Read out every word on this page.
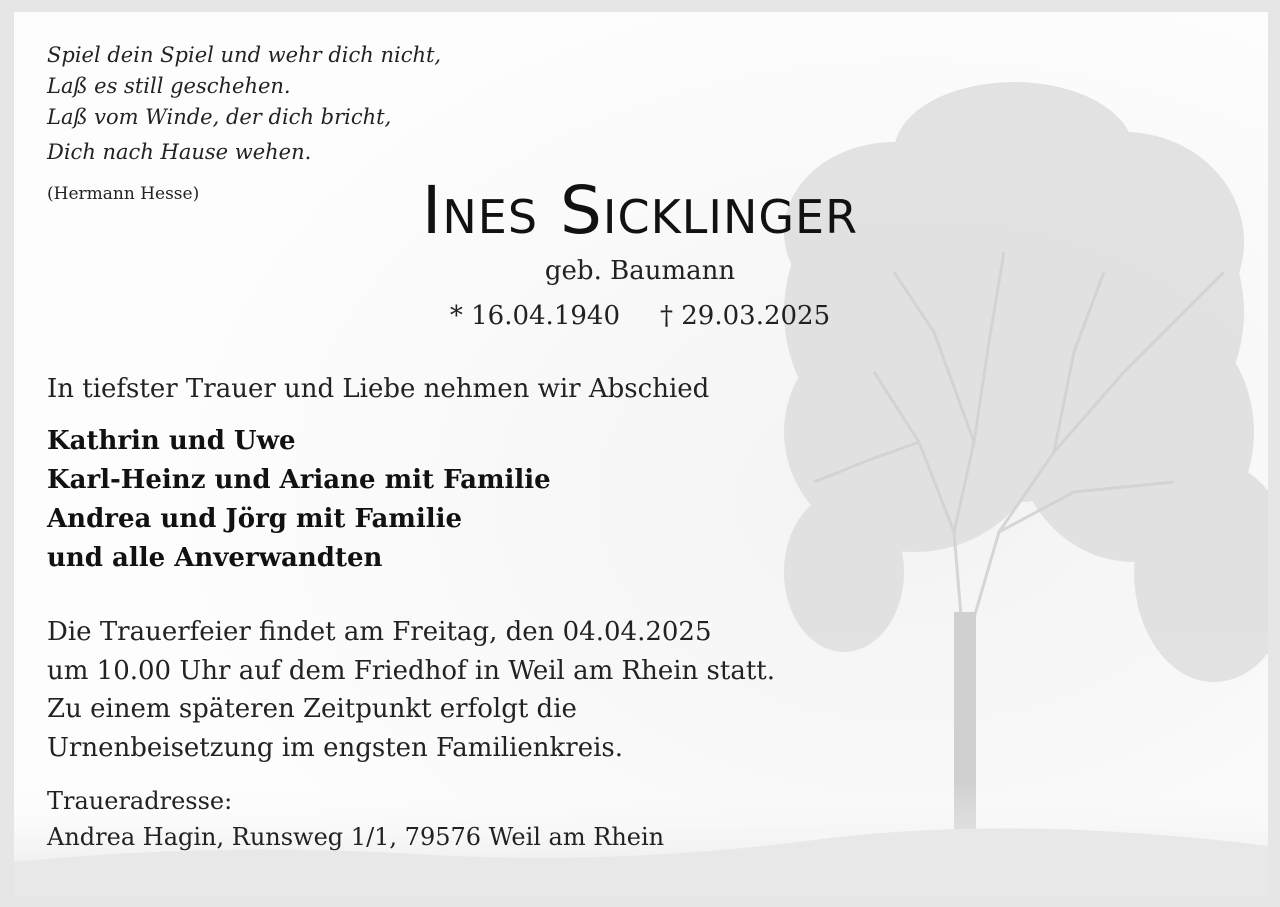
Spiel dein Spiel und wehr dich nicht,
Laß es still geschehen.
Laß vom Winde, der dich bricht,
Dich nach Hause wehen.
(Hermann Hesse)	Ines Sicklinger
geb. Baumann
* 16.04.1940 † 29.03.2025
In tiefster Trauer und Liebe nehmen wir Abschied
Kathrin und Uwe
Karl-Heinz und Ariane mit Familie
Andrea und Jörg mit Familie
und alle Anverwandten
Die Trauerfeier findet am Freitag, den 04.04.2025
um 10.00 Uhr auf dem Friedhof in Weil am Rhein statt.
Zu einem späteren Zeitpunkt erfolgt die
Urnenbeisetzung im engsten Familienkreis.
Traueradresse:
Andrea Hagin, Runsweg 1/1, 79576 Weil am Rhein
